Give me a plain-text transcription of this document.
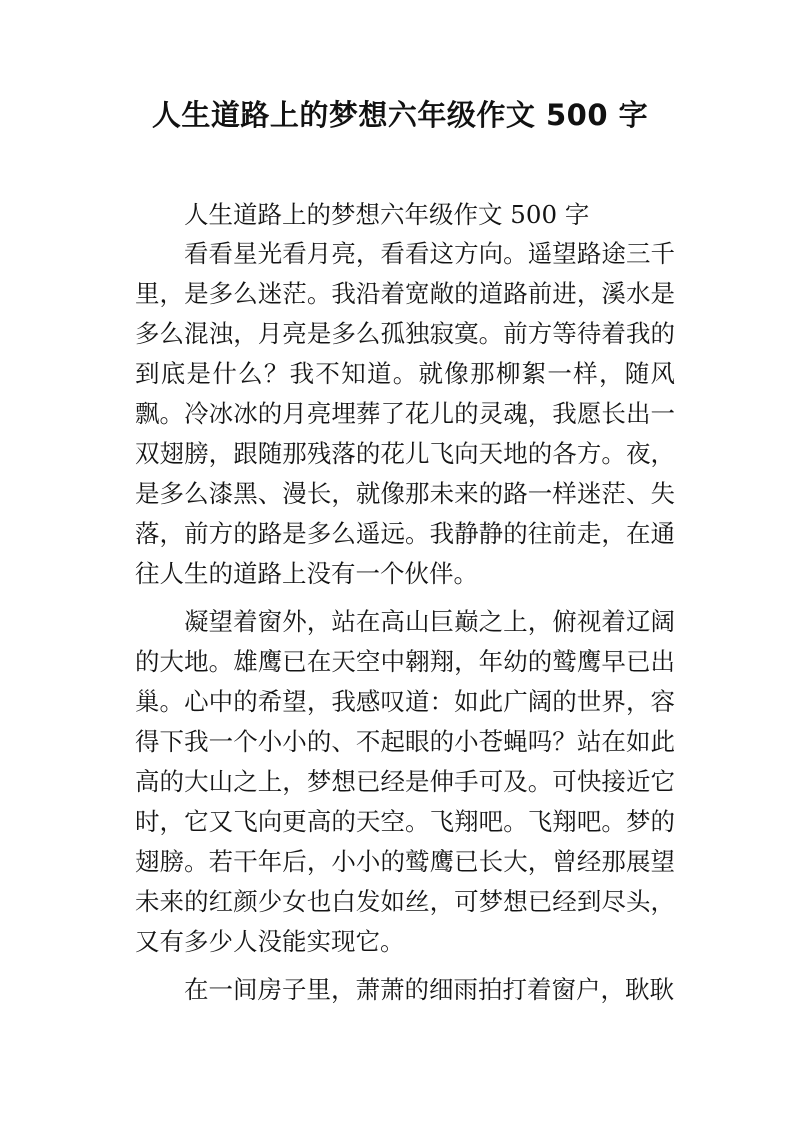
人生道路上的梦想六年级作文 500 字

人生道路上的梦想六年级作文 500 字

看看星光看月亮，看看这方向。遥望路途三千里，是多么迷茫。我沿着宽敞的道路前进，溪水是多么混浊，月亮是多么孤独寂寞。前方等待着我的到底是什么？我不知道。就像那柳絮一样，随风飘。冷冰冰的月亮埋葬了花儿的灵魂，我愿长出一双翅膀，跟随那残落的花儿飞向天地的各方。夜，是多么漆黑、漫长，就像那未来的路一样迷茫、失落，前方的路是多么遥远。我静静的往前走，在通往人生的道路上没有一个伙伴。

凝望着窗外，站在高山巨巅之上，俯视着辽阔的大地。雄鹰已在天空中翱翔，年幼的鹫鹰早已出巢。心中的希望，我感叹道：如此广阔的世界，容得下我一个小小的、不起眼的小苍蝇吗？站在如此高的大山之上，梦想已经是伸手可及。可快接近它时，它又飞向更高的天空。飞翔吧。飞翔吧。梦的翅膀。若干年后，小小的鹫鹰已长大，曾经那展望未来的红颜少女也白发如丝，可梦想已经到尽头，又有多少人没能实现它。

在一间房子里，萧萧的细雨拍打着窗户，耿耿
